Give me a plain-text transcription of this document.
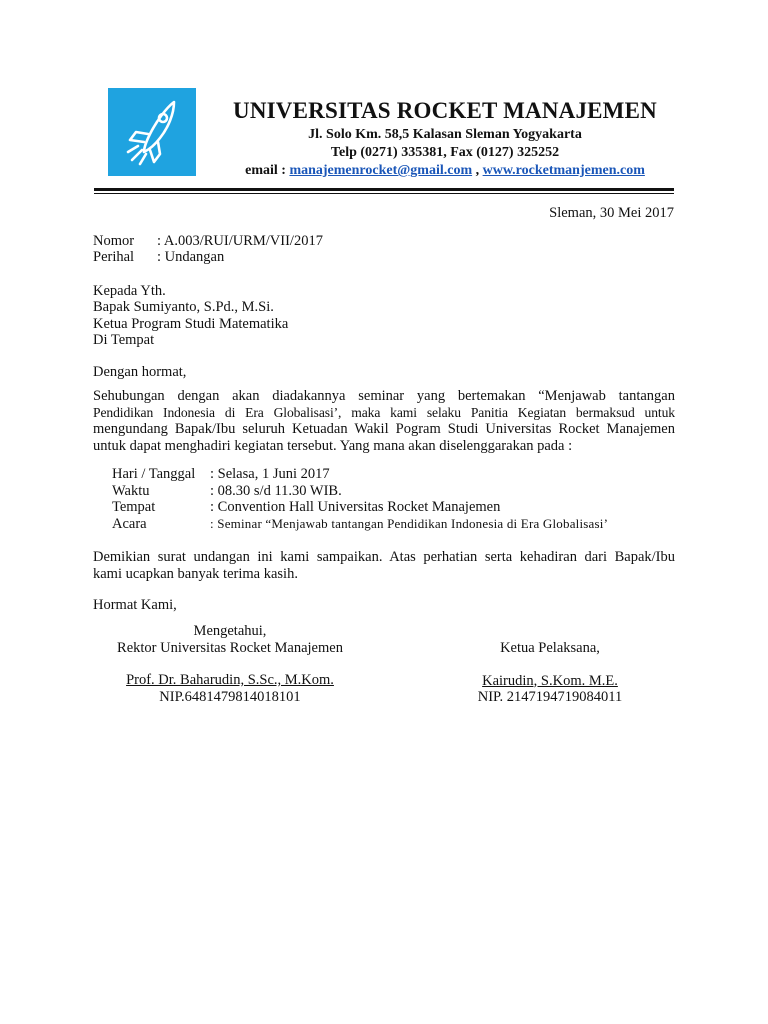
UNIVERSITAS ROCKET MANAJEMEN
Jl. Solo Km. 58,5 Kalasan Sleman Yogyakarta
Telp (0271) 335381, Fax (0127) 325252
email : manajemenrocket@gmail.com , www.rocketmanjemen.com
Sleman, 30 Mei 2017
Nomor	: A.003/RUI/URM/VII/2017
Perihal	: Undangan
Kepada Yth.
Bapak Sumiyanto, S.Pd., M.Si.
Ketua Program Studi Matematika
Di Tempat
Dengan hormat,
Sehubungan dengan akan diadakannya seminar yang bertemakan “Menjawab tantangan
Pendidikan Indonesia di Era Globalisasi’, maka kami selaku Panitia Kegiatan bermaksud untuk
mengundang Bapak/Ibu seluruh Ketuadan Wakil Pogram Studi Universitas Rocket Manajemen
untuk dapat menghadiri kegiatan tersebut. Yang mana akan diselenggarakan pada :
Hari / Tanggal	: Selasa, 1 Juni 2017
Waktu	: 08.30 s/d 11.30 WIB.
Tempat	: Convention Hall Universitas Rocket Manajemen
Acara	: Seminar “Menjawab tantangan Pendidikan Indonesia di Era Globalisasi’
Demikian surat undangan ini kami sampaikan. Atas perhatian serta kehadiran dari Bapak/Ibu
kami ucapkan banyak terima kasih.
Hormat Kami,
Mengetahui,
Rektor Universitas Rocket Manajemen
Prof. Dr. Baharudin, S.Sc., M.Kom.
NIP.6481479814018101
Ketua Pelaksana,
Kairudin, S.Kom. M.E.
NIP. 2147194719084011
